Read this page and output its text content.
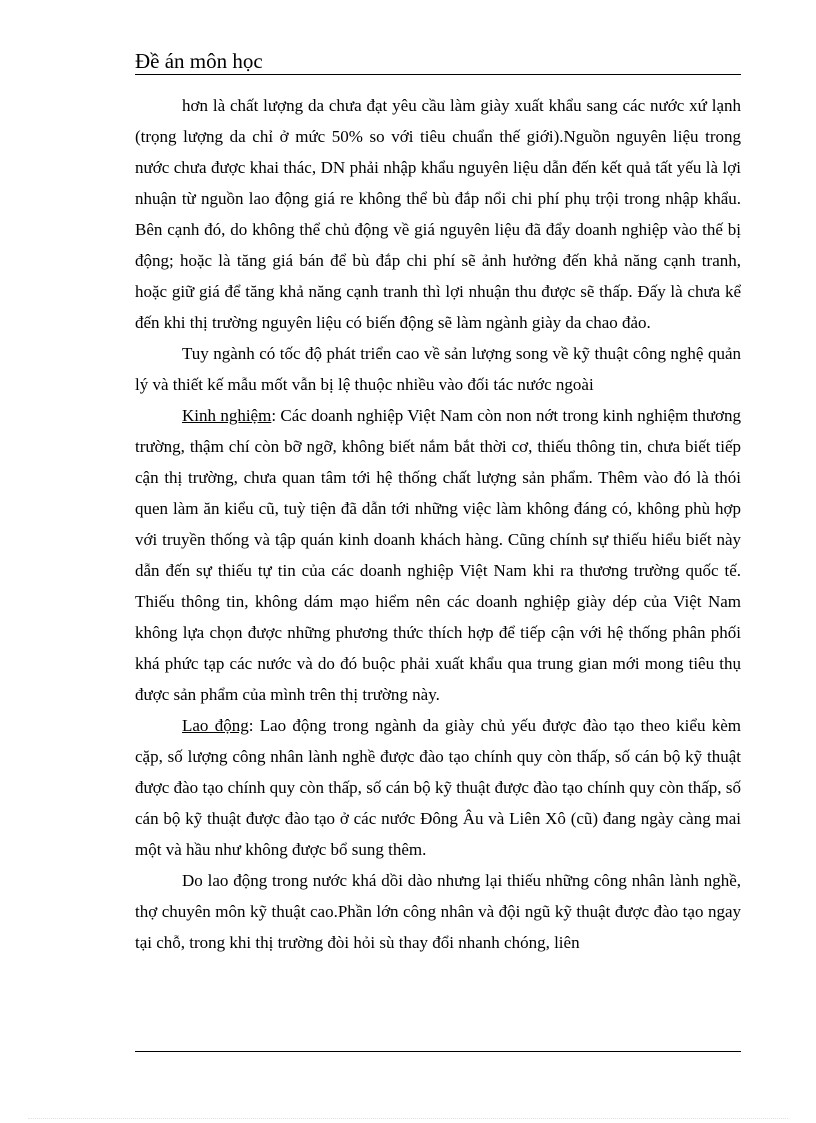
Đề án môn học

hơn là chất lượng da chưa đạt yêu cầu làm giày xuất khẩu sang các nước xứ lạnh (trọng lượng da chỉ ở mức 50% so với tiêu chuẩn thế giới).Nguồn nguyên liệu trong nước chưa được khai thác, DN phải nhập khẩu nguyên liệu dẫn đến kết quả tất yếu là lợi nhuận từ nguồn lao động giá re không thể bù đắp nổi chi phí phụ trội trong nhập khẩu. Bên cạnh đó, do không thể chủ động về giá nguyên liệu đã đẩy doanh nghiệp vào thế bị động; hoặc là tăng giá bán để bù đắp chi phí sẽ ảnh hưởng đến khả năng cạnh tranh, hoặc giữ giá để tăng khả năng cạnh tranh thì lợi nhuận thu được sẽ thấp. Đấy là chưa kể đến khi thị trường nguyên liệu có biến động sẽ làm ngành giày da chao đảo.

Tuy ngành có tốc độ phát triển cao về sản lượng song về kỹ thuật công nghệ quản lý và thiết kế mẫu mốt vẫn bị lệ thuộc nhiều vào đối tác nước ngoài

Kinh nghiệm: Các doanh nghiệp Việt Nam còn non nớt trong kinh nghiệm thương trường, thậm chí còn bỡ ngỡ, không biết nắm bắt thời cơ, thiếu thông tin, chưa biết tiếp cận thị trường, chưa quan tâm tới hệ thống chất lượng sản phẩm. Thêm vào đó là thói quen làm ăn kiểu cũ, tuỳ tiện đã dẫn tới những việc làm không đáng có, không phù hợp với truyền thống và tập quán kinh doanh khách hàng. Cũng chính sự thiếu hiểu biết này dẫn đến sự thiếu tự tin của các doanh nghiệp Việt Nam khi ra thương trường quốc tế. Thiếu thông tin, không dám mạo hiểm nên các doanh nghiệp giày dép của Việt Nam không lựa chọn được những phương thức thích hợp để tiếp cận với hệ thống phân phối khá phức tạp các nước và do đó buộc phải xuất khẩu qua trung gian mới mong tiêu thụ được sản phẩm của mình trên thị trường này.

Lao động: Lao động trong ngành da giày chủ yếu được đào tạo theo kiểu kèm cặp, số lượng công nhân lành nghề được đào tạo chính quy còn thấp, số cán bộ kỹ thuật được đào tạo chính quy còn thấp, số cán bộ kỹ thuật được đào tạo chính quy còn thấp, số cán bộ kỹ thuật được đào tạo ở các nước Đông Âu và Liên Xô (cũ) đang ngày càng mai một và hầu như không được bổ sung thêm.

Do lao động trong nước khá dồi dào nhưng lại thiếu những công nhân lành nghề, thợ chuyên môn kỹ thuật cao.Phần lớn công nhân và đội ngũ kỹ thuật được đào tạo ngay tại chỗ, trong khi thị trường đòi hỏi sù thay đổi nhanh chóng, liên
